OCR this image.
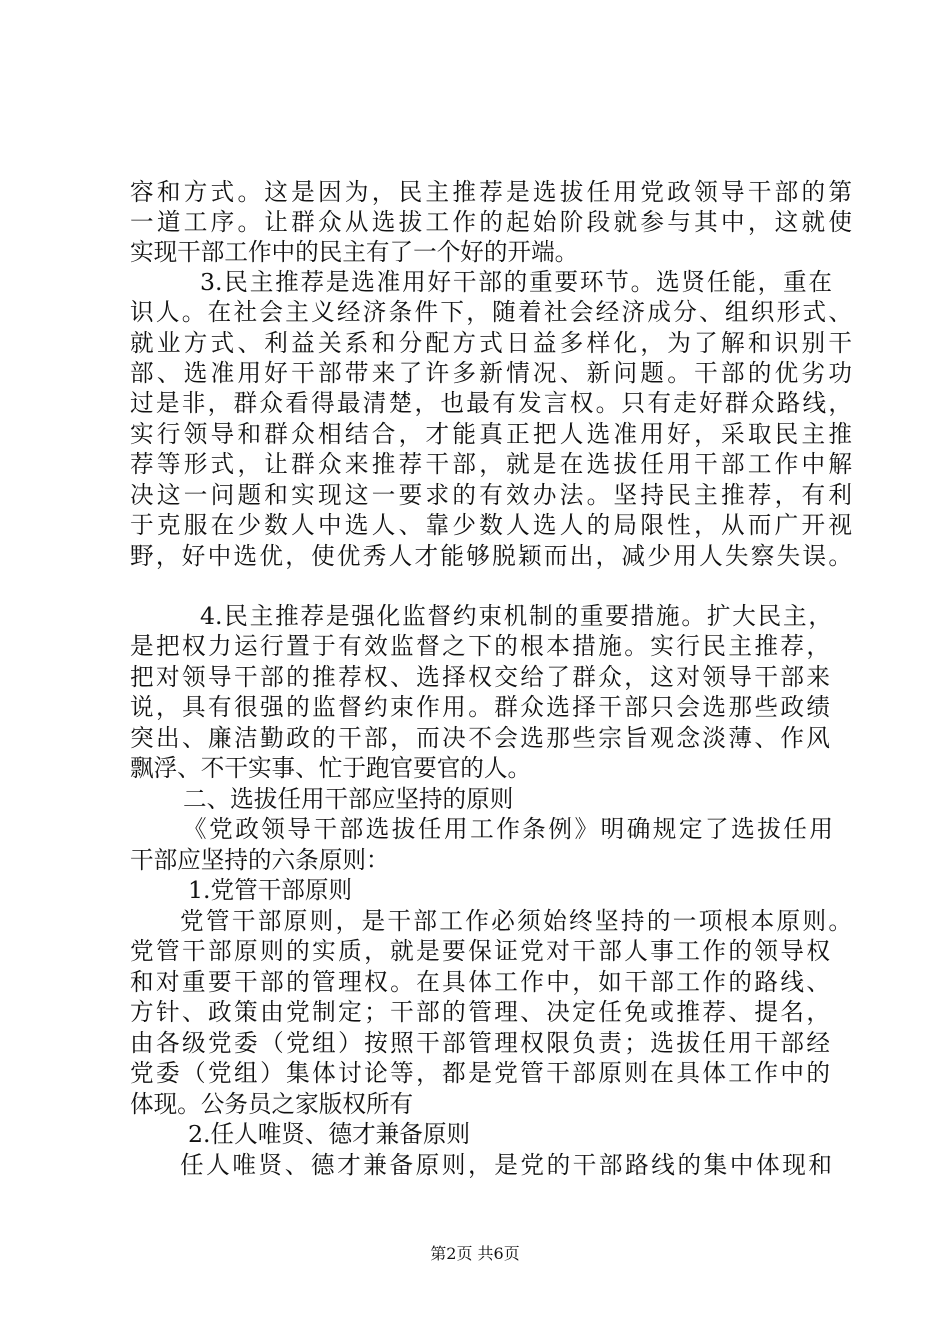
容和方式。这是因为，民主推荐是选拔任用党政领导干部的第
一道工序。让群众从选拔工作的起始阶段就参与其中，这就使
实现干部工作中的民主有了一个好的开端。
3.民主推荐是选准用好干部的重要环节。选贤任能，重在
识人。在社会主义经济条件下，随着社会经济成分、组织形式、
就业方式、利益关系和分配方式日益多样化，为了解和识别干
部、选准用好干部带来了许多新情况、新问题。干部的优劣功
过是非，群众看得最清楚，也最有发言权。只有走好群众路线，
实行领导和群众相结合，才能真正把人选准用好，采取民主推
荐等形式，让群众来推荐干部，就是在选拔任用干部工作中解
决这一问题和实现这一要求的有效办法。坚持民主推荐，有利
于克服在少数人中选人、靠少数人选人的局限性，从而广开视
野，好中选优，使优秀人才能够脱颖而出，减少用人失察失误。
4.民主推荐是强化监督约束机制的重要措施。扩大民主，
是把权力运行置于有效监督之下的根本措施。实行民主推荐，
把对领导干部的推荐权、选择权交给了群众，这对领导干部来
说，具有很强的监督约束作用。群众选择干部只会选那些政绩
突出、廉洁勤政的干部，而决不会选那些宗旨观念淡薄、作风
飘浮、不干实事、忙于跑官要官的人。
二、选拔任用干部应坚持的原则
《党政领导干部选拔任用工作条例》明确规定了选拔任用
干部应坚持的六条原则：
1.党管干部原则
党管干部原则，是干部工作必须始终坚持的一项根本原则。
党管干部原则的实质，就是要保证党对干部人事工作的领导权
和对重要干部的管理权。在具体工作中，如干部工作的路线、
方针、政策由党制定；干部的管理、决定任免或推荐、提名，
由各级党委（党组）按照干部管理权限负责；选拔任用干部经
党委（党组）集体讨论等，都是党管干部原则在具体工作中的
体现。公务员之家版权所有
2.任人唯贤、德才兼备原则
任人唯贤、德才兼备原则，是党的干部路线的集中体现和
第2页 共6页
